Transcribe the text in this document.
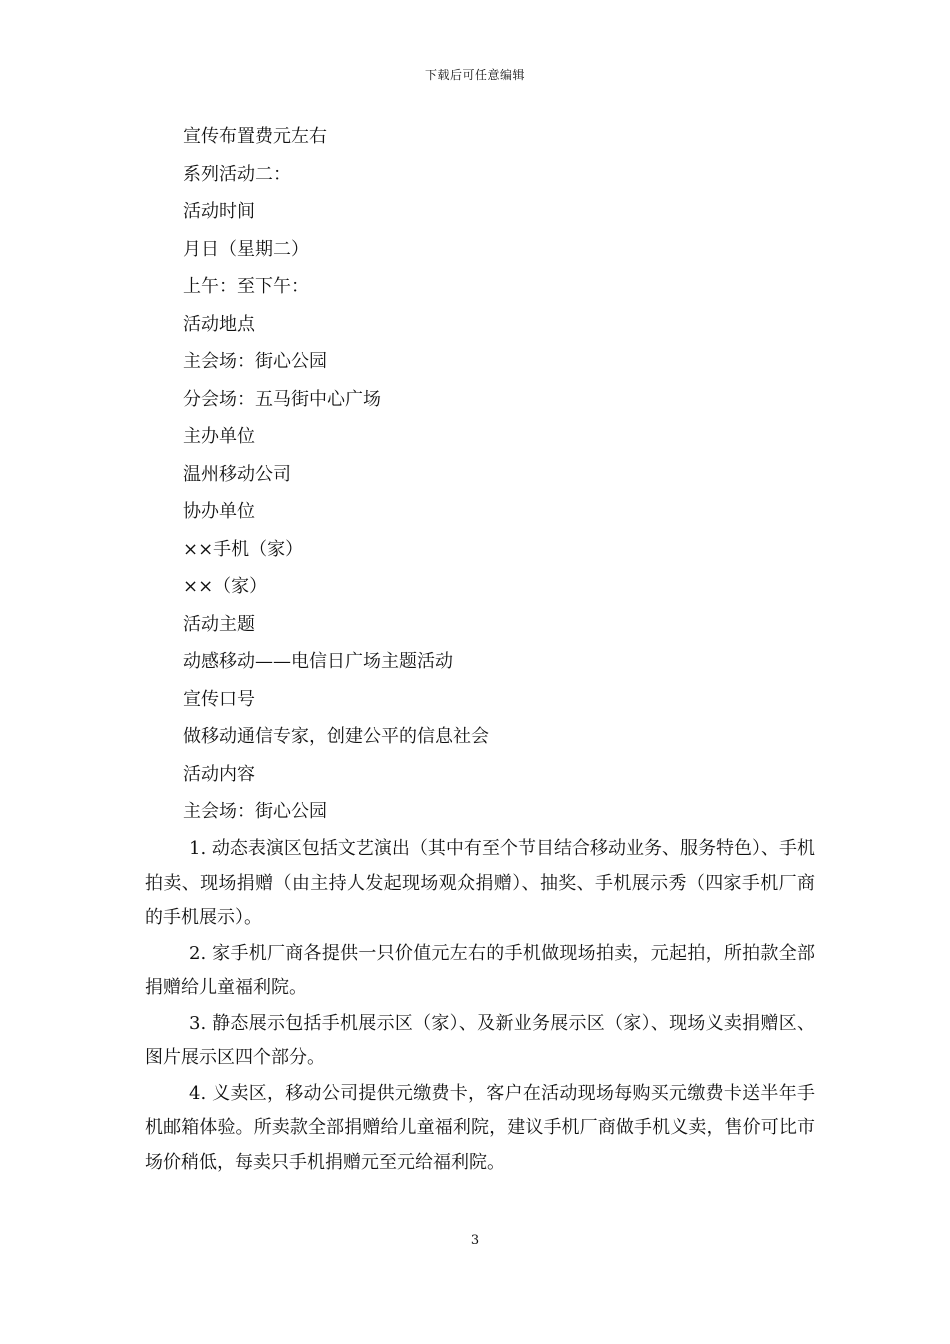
下载后可任意编辑
宣传布置费元左右
系列活动二：
活动时间
月日（星期二）
上午：至下午：
活动地点
主会场：街心公园
分会场：五马街中心广场
主办单位
温州移动公司
协办单位
××手机（家）
××（家）
活动主题
动感移动——电信日广场主题活动
宣传口号
做移动通信专家，创建公平的信息社会
活动内容
主会场：街心公园

1. 动态表演区包括文艺演出（其中有至个节目结合移动业务、服务特色）、手机拍卖、现场捐赠（由主持人发起现场观众捐赠）、抽奖、手机展示秀（四家手机厂商的手机展示）。

2. 家手机厂商各提供一只价值元左右的手机做现场拍卖，元起拍，所拍款全部捐赠给儿童福利院。

3. 静态展示包括手机展示区（家）、及新业务展示区（家）、现场义卖捐赠区、图片展示区四个部分。

4. 义卖区，移动公司提供元缴费卡，客户在活动现场每购买元缴费卡送半年手机邮箱体验。所卖款全部捐赠给儿童福利院，建议手机厂商做手机义卖，售价可比市场价稍低，每卖只手机捐赠元至元给福利院。

3
